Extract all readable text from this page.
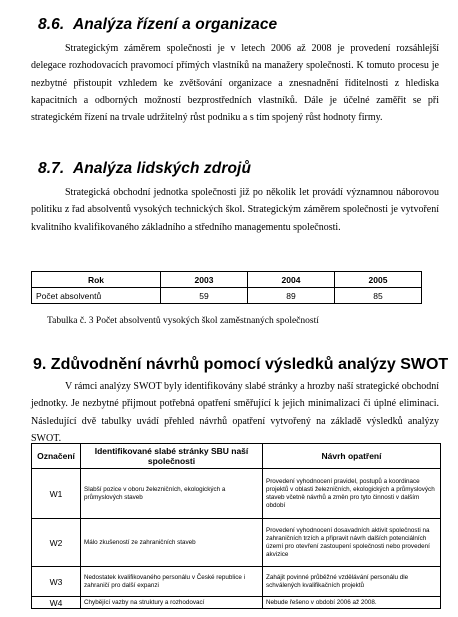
8.6. Analýza řízení a organizace

Strategickým záměrem společnosti je v letech 2006 až 2008 je provedení rozsáhlejší delegace rozhodovacích pravomocí přímých vlastníků na manažery společnosti. K tomuto procesu je nezbytné přistoupit vzhledem ke zvětšování organizace a znesnadnění řiditelnosti z hlediska kapacitních a odborných možností bezprostředních vlastníků. Dále je účelné zaměřit se při strategickém řízení na trvale udržitelný růst podniku a s tím spojený růst hodnoty firmy.

8.7. Analýza lidských zdrojů

Strategická obchodní jednotka společnosti již po několik let provádí významnou náborovou politiku z řad absolventů vysokých technických škol. Strategickým záměrem společnosti je vytvoření kvalitního kvalifikovaného základního a středního managementu společnosti.

Rok	2003	2004	2005
Počet absolventů	59	89	85
Tabulka č. 3 Počet absolventů vysokých škol zaměstnaných společností
9. Zdůvodnění návrhů pomocí výsledků analýzy SWOT

V rámci analýzy SWOT byly identifikovány slabé stránky a hrozby naší strategické obchodní jednotky. Je nezbytné přijmout potřebná opatření směřující k jejich minimalizaci či úplné eliminaci. Následující dvě tabulky uvádí přehled návrhů opatření vytvořený na základě výsledků analýzy SWOT.

Označení	Identifikované slabé stránky SBU naší společnosti	Návrh opatření
W1	Slabší pozice v oboru železničních, ekologických a průmyslových staveb	Provedení vyhodnocení pravidel, postupů a koordinace projektů v oblasti železničních, ekologických a průmyslových staveb včetně návrhů a změn pro tyto činnosti v dalším období
W2	Málo zkušeností ze zahraničních staveb	Provedení vyhodnocení dosavadních aktivit společnosti na zahraničních trzích a připravit návrh dalších potenciálních území pro otevření zastoupení společnosti nebo provedení akvizice
W3	Nedostatek kvalifikovaného personálu v České republice i zahraničí pro další expanzi	Zahájit povinné průběžné vzdělávání personálu dle schválených kvalifikačních projektů
W4	Chybějící vazby na struktury a rozhodovací	Nebude řešeno v období 2006 až 2008.
